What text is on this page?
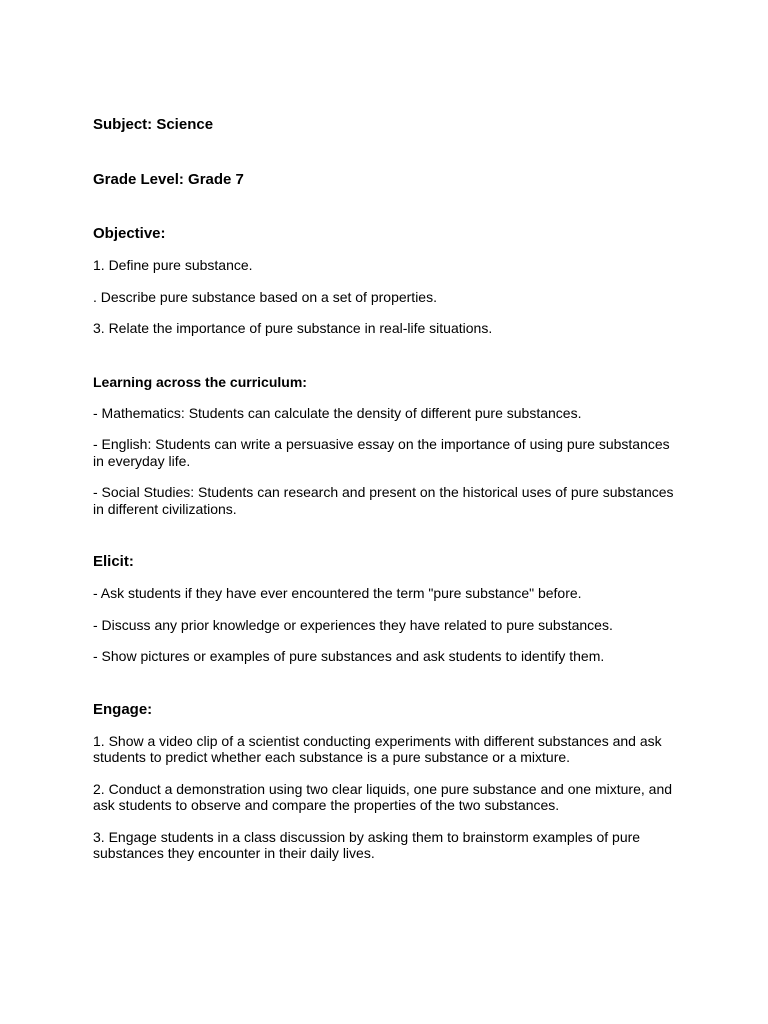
Subject: Science

Grade Level: Grade 7

Objective:

1. Define pure substance.

. Describe pure substance based on a set of properties.

3. Relate the importance of pure substance in real-life situations.

Learning across the curriculum:

- Mathematics: Students can calculate the density of different pure substances.

- English: Students can write a persuasive essay on the importance of using pure substances in everyday life.

- Social Studies: Students can research and present on the historical uses of pure substances in different civilizations.

Elicit:

- Ask students if they have ever encountered the term "pure substance" before.

- Discuss any prior knowledge or experiences they have related to pure substances.

- Show pictures or examples of pure substances and ask students to identify them.

Engage:

1. Show a video clip of a scientist conducting experiments with different substances and ask students to predict whether each substance is a pure substance or a mixture.

2. Conduct a demonstration using two clear liquids, one pure substance and one mixture, and ask students to observe and compare the properties of the two substances.

3. Engage students in a class discussion by asking them to brainstorm examples of pure substances they encounter in their daily lives.
